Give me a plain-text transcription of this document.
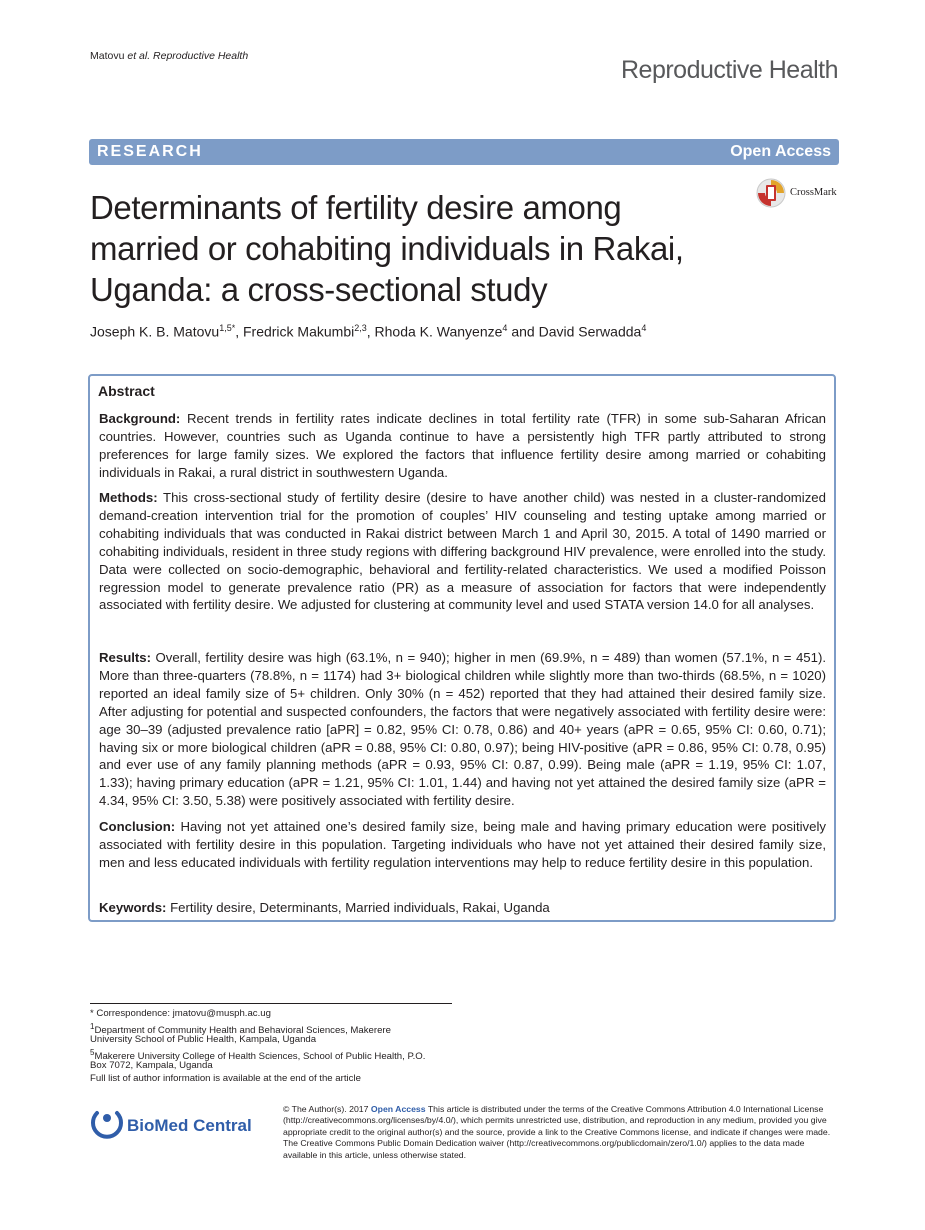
Matovu et al. Reproductive Health	Reproductive Health
RESEARCH	Open Access
Determinants of fertility desire among
married or cohabiting individuals in Rakai,
Uganda: a cross-sectional study
CrossMark
Joseph K. B. Matovu$^{1,5*}$, Fredrick Makumbi$^{2,3}$, Rhoda K. Wanyenze$^4$ and David Serwadda$^4$
Abstract
Background: Recent trends in fertility rates indicate declines in total fertility rate (TFR) in some sub-Saharan African countries. However, countries such as Uganda continue to have a persistently high TFR partly attributed to strong preferences for large family sizes. We explored the factors that influence fertility desire among married or cohabiting individuals in Rakai, a rural district in southwestern Uganda.
Methods: This cross-sectional study of fertility desire (desire to have another child) was nested in a cluster-randomized demand-creation intervention trial for the promotion of couples’ HIV counseling and testing uptake among married or cohabiting individuals that was conducted in Rakai district between March 1 and April 30, 2015. A total of 1490 married or cohabiting individuals, resident in three study regions with differing background HIV prevalence, were enrolled into the study. Data were collected on socio-demographic, behavioral and fertility-related characteristics. We used a modified Poisson regression model to generate prevalence ratio (PR) as a measure of association for factors that were independently associated with fertility desire. We adjusted for clustering at community level and used STATA version 14.0 for all analyses.
Results: Overall, fertility desire was high (63.1%, n = 940); higher in men (69.9%, n = 489) than women (57.1%, n = 451). More than three-quarters (78.8%, n = 1174) had 3+ biological children while slightly more than two-thirds (68.5%, n = 1020) reported an ideal family size of 5+ children. Only 30% (n = 452) reported that they had attained their desired family size. After adjusting for potential and suspected confounders, the factors that were negatively associated with fertility desire were: age 30–39 (adjusted prevalence ratio [aPR] = 0.82, 95% CI: 0.78, 0.86) and 40+ years (aPR = 0.65, 95% CI: 0.60, 0.71); having six or more biological children (aPR = 0.88, 95% CI: 0.80, 0.97); being HIV-positive (aPR = 0.86, 95% CI: 0.78, 0.95) and ever use of any family planning methods (aPR = 0.93, 95% CI: 0.87, 0.99). Being male (aPR = 1.19, 95% CI: 1.07, 1.33); having primary education (aPR = 1.21, 95% CI: 1.01, 1.44) and having not yet attained the desired family size (aPR = 4.34, 95% CI: 3.50, 5.38) were positively associated with fertility desire.
Conclusion: Having not yet attained one’s desired family size, being male and having primary education were positively associated with fertility desire in this population. Targeting individuals who have not yet attained their desired family size, men and less educated individuals with fertility regulation interventions may help to reduce fertility desire in this population.
Keywords: Fertility desire, Determinants, Married individuals, Rakai, Uganda
* Correspondence: jmatovu@musph.ac.ug
$^1$Department of Community Health and Behavioral Sciences, Makerere
University School of Public Health, Kampala, Uganda
$^5$Makerere University College of Health Sciences, School of Public Health, P.O.
Box 7072, Kampala, Uganda
Full list of author information is available at the end of the article
BioMed Central
© The Author(s). 2017 Open Access This article is distributed under the terms of the Creative Commons Attribution 4.0 International License (http://creativecommons.org/licenses/by/4.0/), which permits unrestricted use, distribution, and reproduction in any medium, provided you give appropriate credit to the original author(s) and the source, provide a link to the Creative Commons license, and indicate if changes were made. The Creative Commons Public Domain Dedication waiver (http://creativecommons.org/publicdomain/zero/1.0/) applies to the data made available in this article, unless otherwise stated.
